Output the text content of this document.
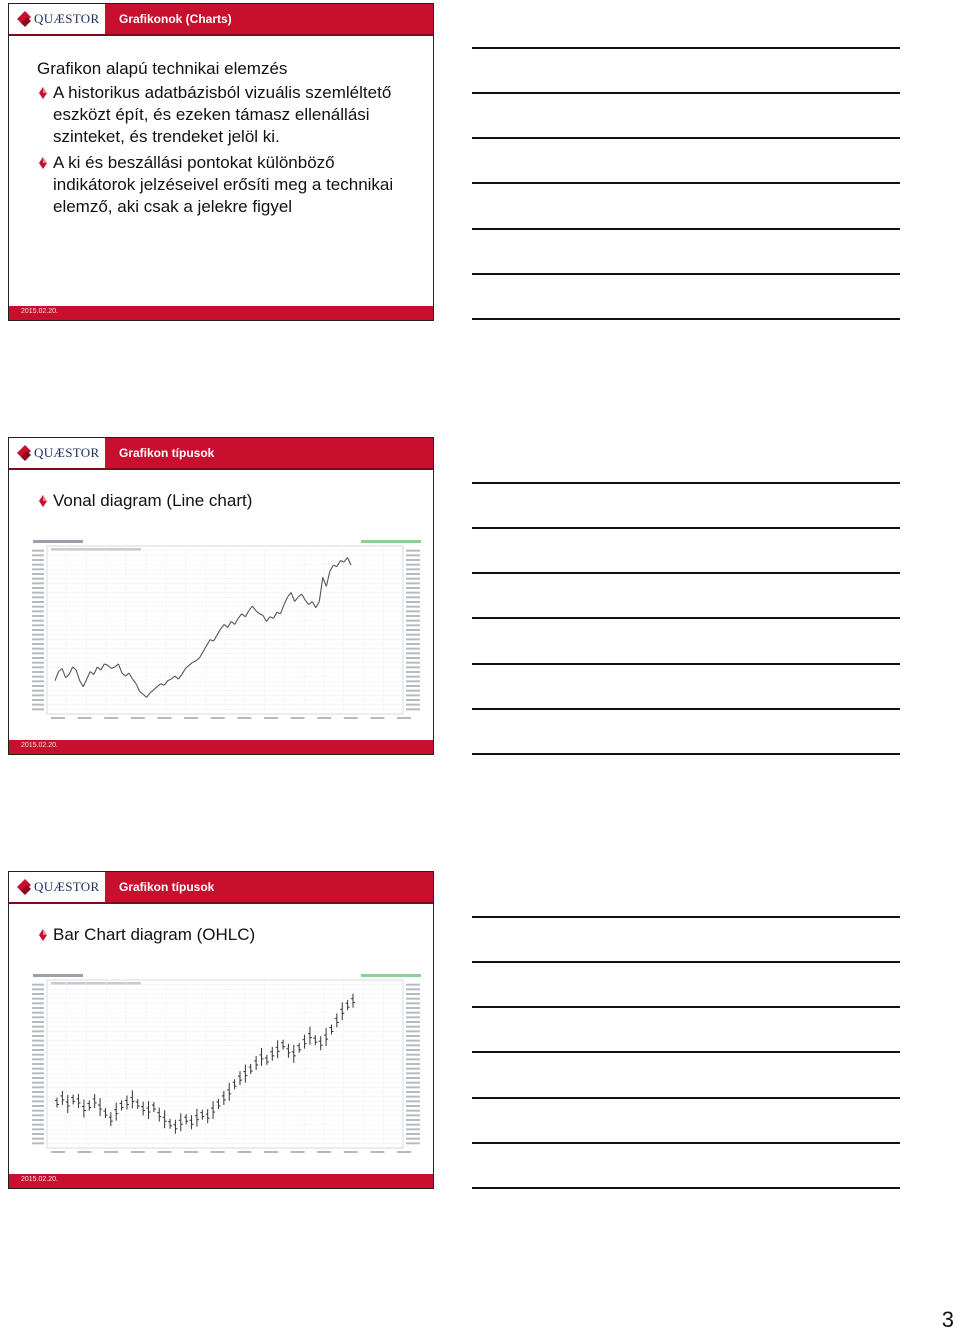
QUÆSTOR Grafikonok (Charts)
Grafikon alapú technikai elemzés
A historikus adatbázisból vizuális szemléltető eszközt épít, és ezeken támasz ellenállási szinteket, és trendeket jelöl ki.
A ki és beszállási pontokat különböző indikátorok jelzéseivel erősíti meg a technikai elemző, aki csak a jelekre figyel
2015.02.20.
QUÆSTOR Grafikon típusok
Vonal diagram (Line chart)
2015.02.20.
QUÆSTOR Grafikon típusok
Bar Chart diagram (OHLC)
2015.02.20.
3
